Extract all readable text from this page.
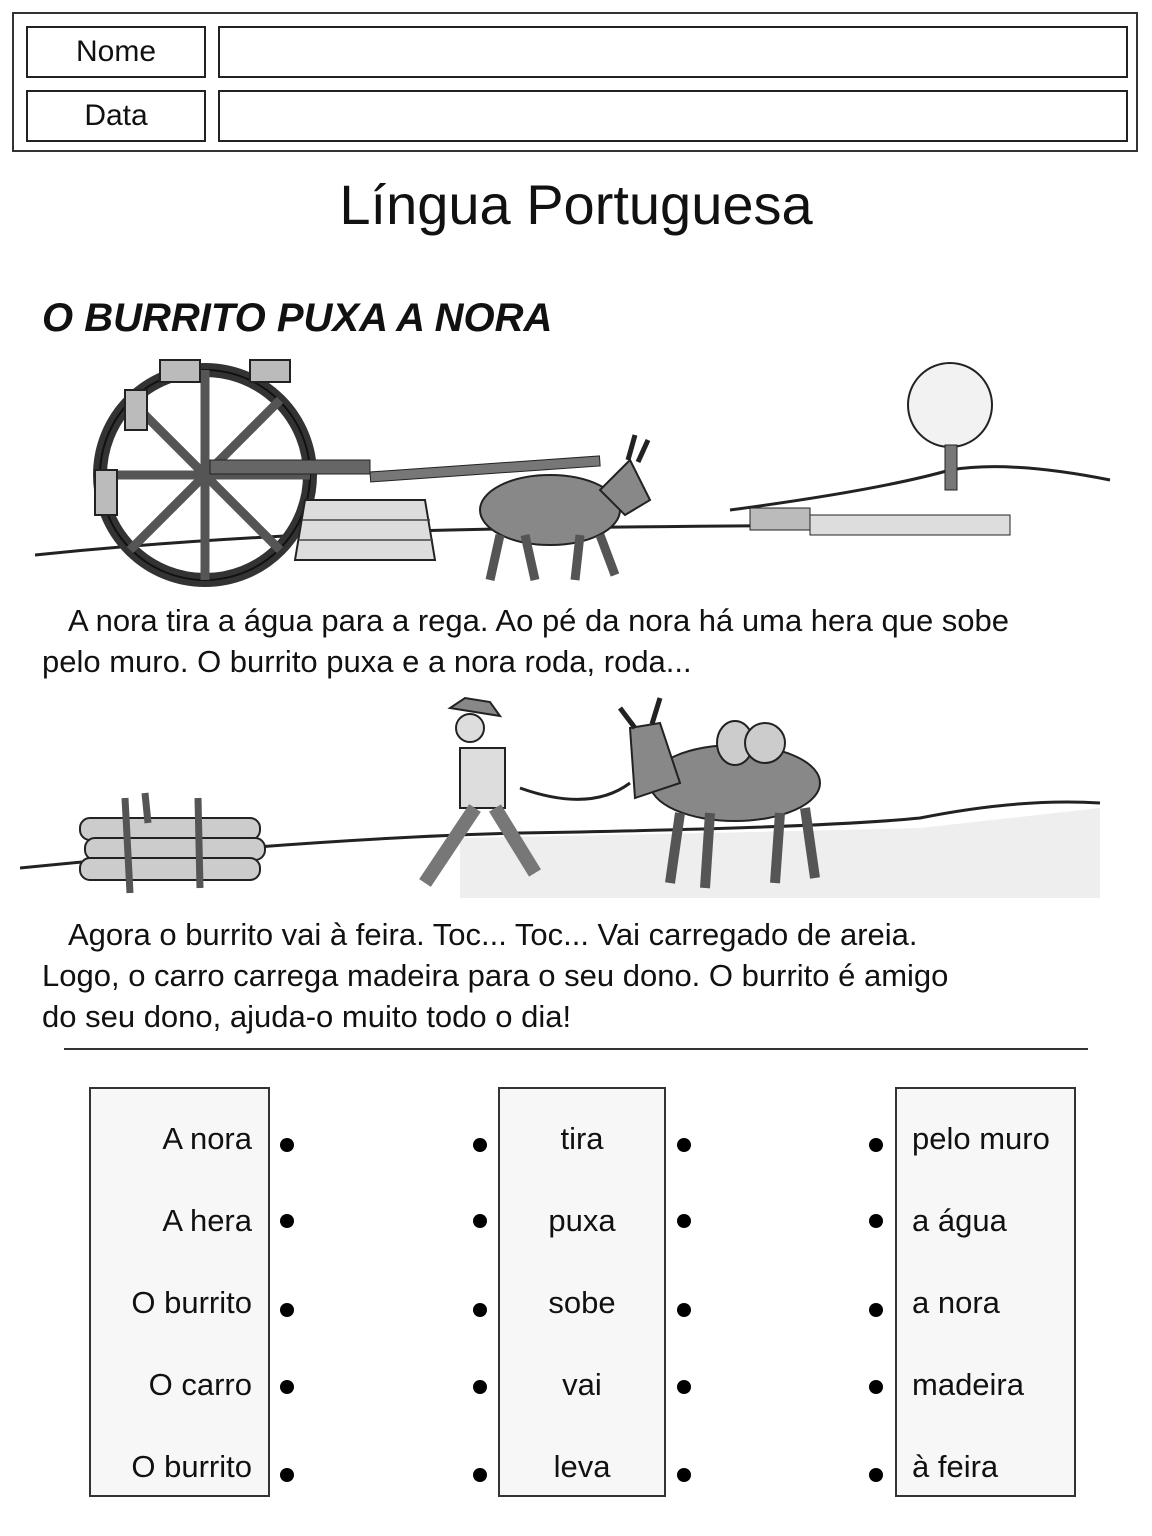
Nome
Data
Língua Portuguesa
O BURRITO PUXA A NORA

A nora tira a água para a rega. Ao pé da nora há uma hera que sobe
pelo muro. O burrito puxa e a nora roda, roda...

Agora o burrito vai à feira. Toc... Toc... Vai carregado de areia.
Logo, o carro carrega madeira para o seu dono. O burrito é amigo
do seu dono, ajuda-o muito todo o dia!

A nora
A hera
O burrito
O carro
O burrito
tira
puxa
sobe
vai
leva
pelo muro
a água
a nora
madeira
à feira
